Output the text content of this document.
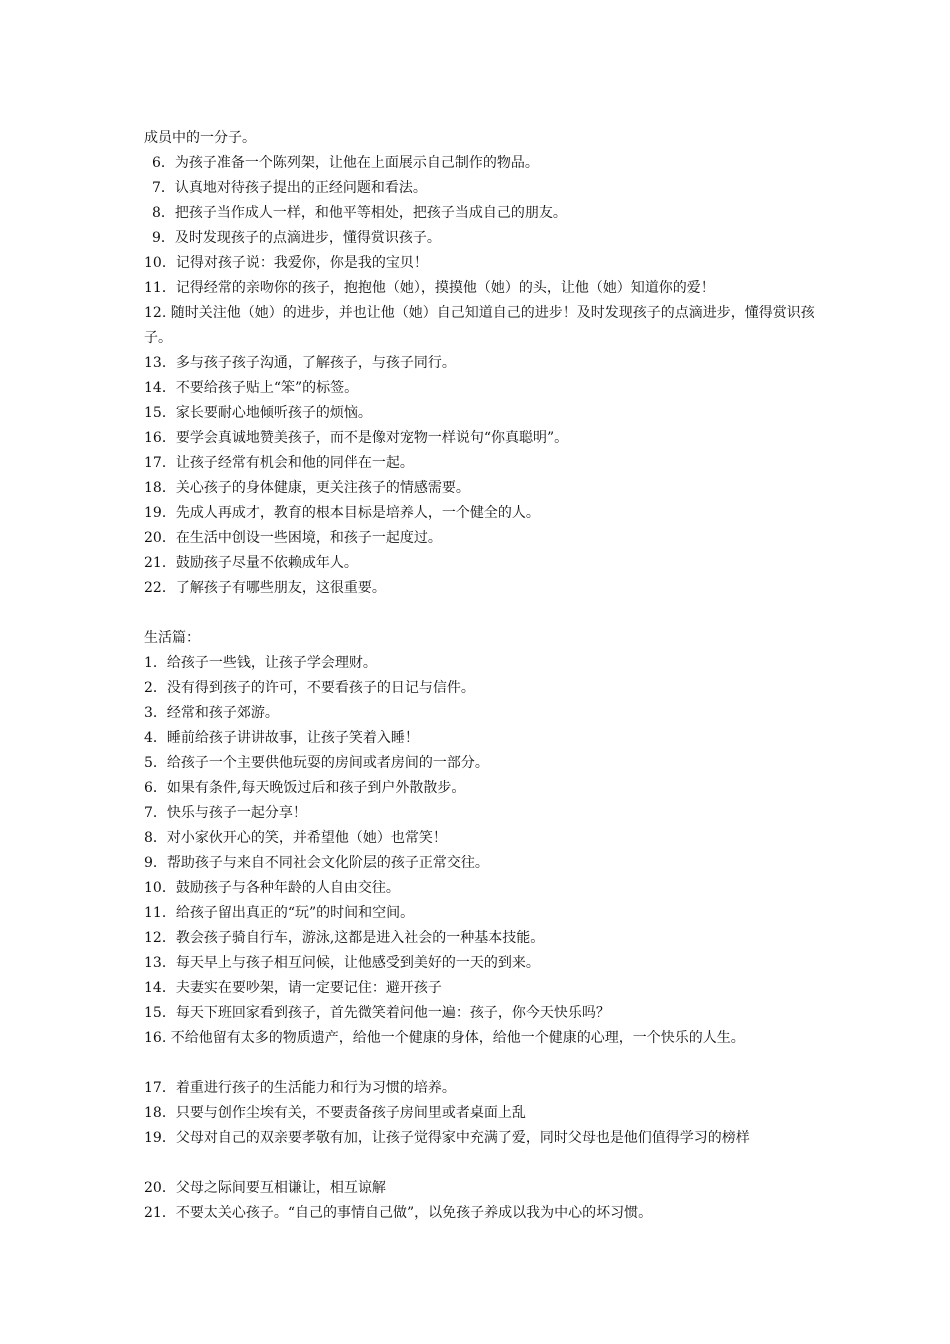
成员中的一分子。
6．为孩子准备一个陈列架，让他在上面展示自己制作的物品。
7．认真地对待孩子提出的正经问题和看法。
8．把孩子当作成人一样，和他平等相处，把孩子当成自己的朋友。
9．及时发现孩子的点滴进步，懂得赏识孩子。
10．记得对孩子说：我爱你，你是我的宝贝！
11．记得经常的亲吻你的孩子，抱抱他（她），摸摸他（她）的头，让他（她）知道你的爱！
12. 随时关注他（她）的进步，并也让他（她）自己知道自己的进步！及时发现孩子的点滴进步，懂得赏识孩子。
13．多与孩子孩子沟通，了解孩子，与孩子同行。
14．不要给孩子贴上“笨”的标签。
15．家长要耐心地倾听孩子的烦恼。
16．要学会真诚地赞美孩子，而不是像对宠物一样说句“你真聪明”。
17．让孩子经常有机会和他的同伴在一起。
18．关心孩子的身体健康，更关注孩子的情感需要。
19．先成人再成才，教育的根本目标是培养人，一个健全的人。
20．在生活中创设一些困境，和孩子一起度过。
21．鼓励孩子尽量不依赖成年人。
22．了解孩子有哪些朋友，这很重要。
生活篇：
1．给孩子一些钱，让孩子学会理财。
2．没有得到孩子的许可，不要看孩子的日记与信件。
3．经常和孩子郊游。
4．睡前给孩子讲讲故事，让孩子笑着入睡！
5．给孩子一个主要供他玩耍的房间或者房间的一部分。
6．如果有条件,每天晚饭过后和孩子到户外散散步。
7．快乐与孩子一起分享！
8．对小家伙开心的笑，并希望他（她）也常笑！
9．帮助孩子与来自不同社会文化阶层的孩子正常交往。
10．鼓励孩子与各种年龄的人自由交往。
11．给孩子留出真正的“玩”的时间和空间。
12．教会孩子骑自行车，游泳,这都是进入社会的一种基本技能。
13．每天早上与孩子相互问候，让他感受到美好的一天的到来。
14．夫妻实在要吵架，请一定要记住：避开孩子
15．每天下班回家看到孩子，首先微笑着问他一遍：孩子，你今天快乐吗？
16. 不给他留有太多的物质遗产，给他一个健康的身体，给他一个健康的心理，一个快乐的人生。
17．着重进行孩子的生活能力和行为习惯的培养。
18．只要与创作尘埃有关，不要责备孩子房间里或者桌面上乱
19．父母对自己的双亲要孝敬有加，让孩子觉得家中充满了爱，同时父母也是他们值得学习的榜样
20．父母之际间要互相谦让，相互谅解
21．不要太关心孩子。“自己的事情自己做”，以免孩子养成以我为中心的坏习惯。
